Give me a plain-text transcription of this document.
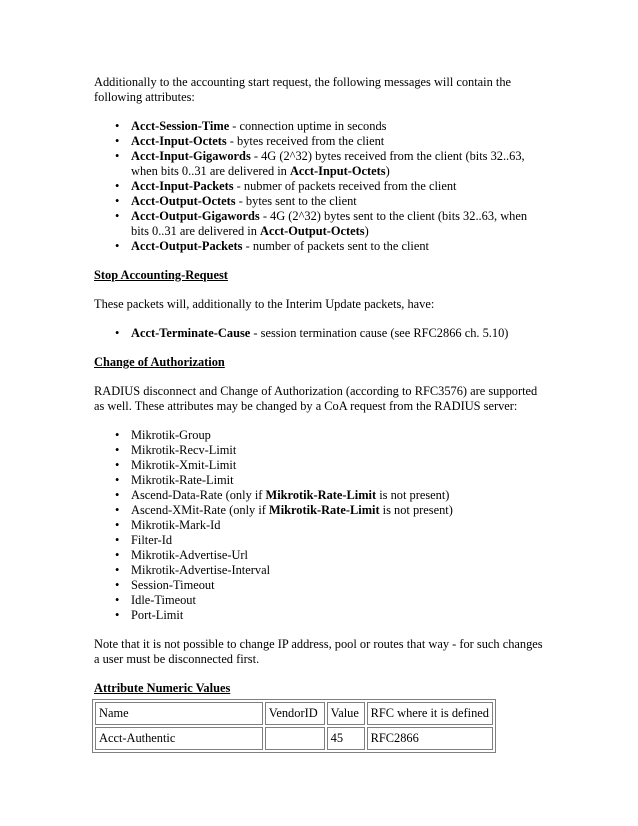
Additionally to the accounting start request, the following messages will contain the following attributes:

• Acct-Session-Time - connection uptime in seconds
• Acct-Input-Octets - bytes received from the client
• Acct-Input-Gigawords - 4G (2^32) bytes received from the client (bits 32..63, when bits 0..31 are delivered in Acct-Input-Octets)
• Acct-Input-Packets - nubmer of packets received from the client
• Acct-Output-Octets - bytes sent to the client
• Acct-Output-Gigawords - 4G (2^32) bytes sent to the client (bits 32..63, when bits 0..31 are delivered in Acct-Output-Octets)
• Acct-Output-Packets - number of packets sent to the client
Stop Accounting-Request

These packets will, additionally to the Interim Update packets, have:

• Acct-Terminate-Cause - session termination cause (see RFC2866 ch. 5.10)
Change of Authorization

RADIUS disconnect and Change of Authorization (according to RFC3576) are supported as well. These attributes may be changed by a CoA request from the RADIUS server:

• Mikrotik-Group
• Mikrotik-Recv-Limit
• Mikrotik-Xmit-Limit
• Mikrotik-Rate-Limit
• Ascend-Data-Rate (only if Mikrotik-Rate-Limit is not present)
• Ascend-XMit-Rate (only if Mikrotik-Rate-Limit is not present)
• Mikrotik-Mark-Id
• Filter-Id
• Mikrotik-Advertise-Url
• Mikrotik-Advertise-Interval
• Session-Timeout
• Idle-Timeout
• Port-Limit

Note that it is not possible to change IP address, pool or routes that way - for such changes a user must be disconnected first.

Attribute Numeric Values
Name	VendorID	Value	RFC where it is defined
Acct-Authentic		45	RFC2866
